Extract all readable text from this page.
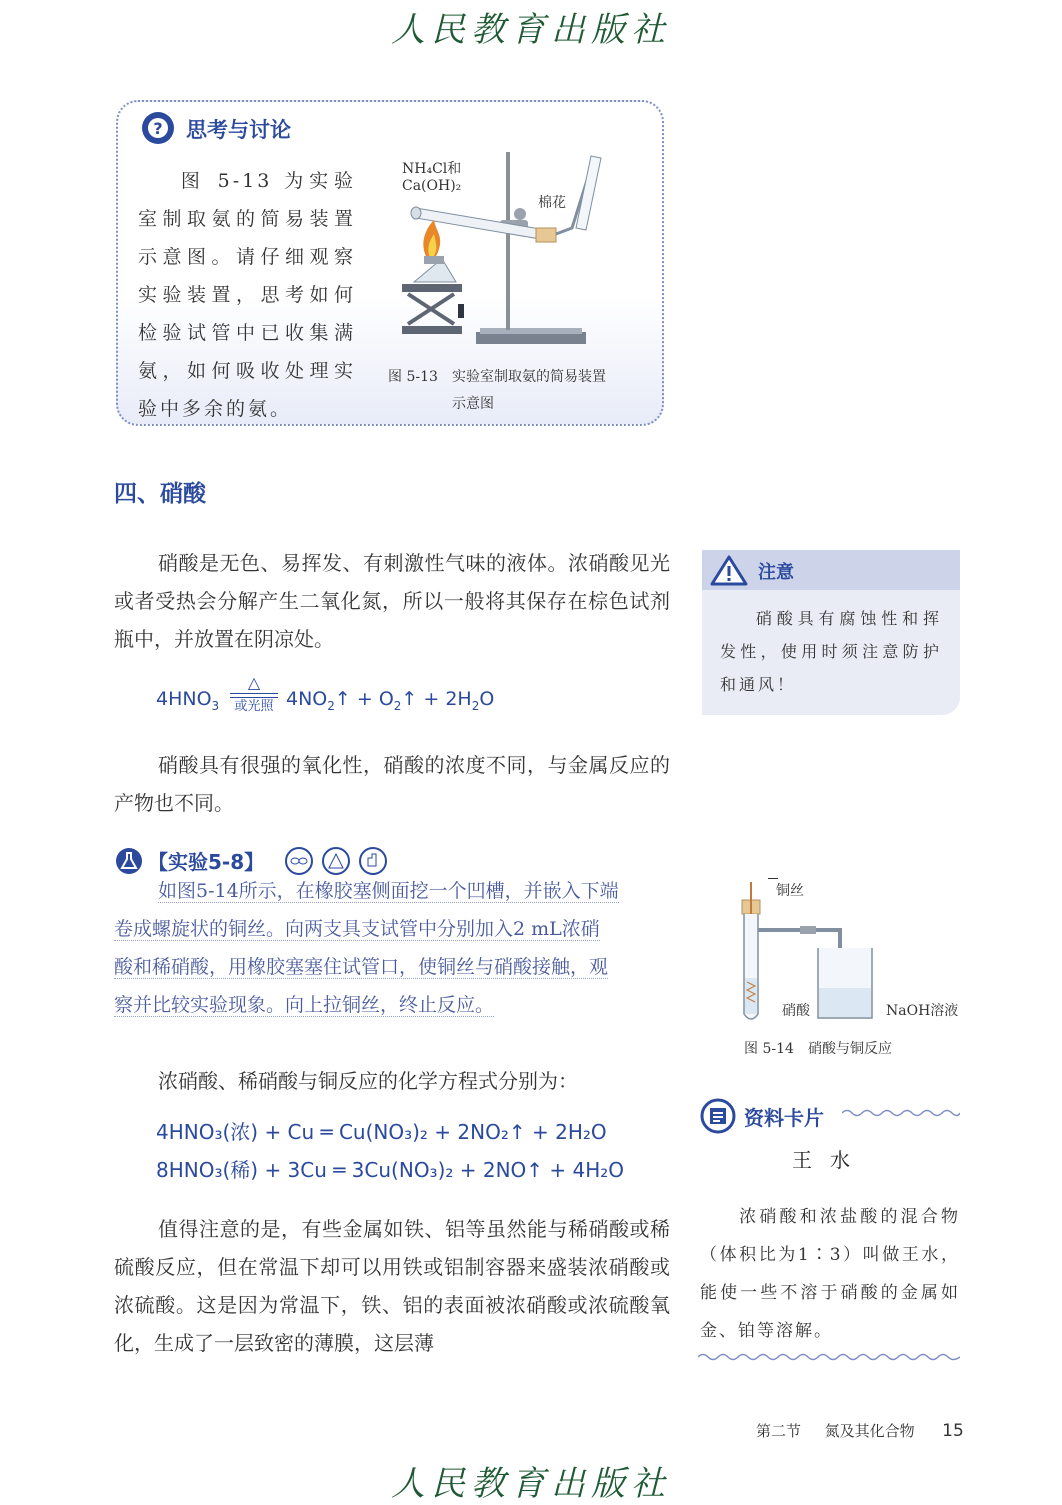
人民教育出版社
? 思考与讨论
图 5-13 为实验室制取氨的简易装置示意图。请仔细观察实验装置，思考如何检验试管中已收集满氨，如何吸收处理实验中多余的氨。
NH₄Cl和
Ca(OH)₂
棉花
图 5-13 实验室制取氨的简易装置
示意图
四、硝酸
硝酸是无色、易挥发、有刺激性气味的液体。浓硝酸见光或者受热会分解产生二氧化氮，所以一般将其保存在棕色试剂瓶中，并放置在阴凉处。
$4HNO_3$
△
或光照 $4NO_2↑$ + $O_2↑ + 2H_2O$
硝酸具有很强的氧化性，硝酸的浓度不同，与金属反应的产物也不同。
【实验5-8】
如图5-14所示，在橡胶塞侧面挖一个凹槽，并嵌入下端
卷成螺旋状的铜丝。向两支具支试管中分别加入2 mL浓硝
酸和稀硝酸，用橡胶塞塞住试管口，使铜丝与硝酸接触，观
察并比较实验现象。向上拉铜丝，终止反应。
浓硝酸、稀硝酸与铜反应的化学方程式分别为：
4HNO₃(浓) + Cu ═ Cu(NO₃)₂ + 2NO₂↑ + 2H₂O
8HNO₃(稀) + 3Cu ═ 3Cu(NO₃)₂ + 2NO↑ + 4H₂O
值得注意的是，有些金属如铁、铝等虽然能与稀硝酸或稀硫酸反应，但在常温下却可以用铁或铝制容器来盛装浓硝酸或浓硫酸。这是因为常温下，铁、铝的表面被浓硝酸或浓硫酸氧化，生成了一层致密的薄膜，这层薄
注意
硝酸具有腐蚀性和挥发性，使用时须注意防护和通风！
铜丝
硝酸	NaOH溶液
图 5-14 硝酸与铜反应
资料卡片
王水
浓硝酸和浓盐酸的混合物（体积比为1∶3）叫做王水，能使一些不溶于硝酸的金属如金、铂等溶解。
第二节 氮及其化合物 15
人民教育出版社
